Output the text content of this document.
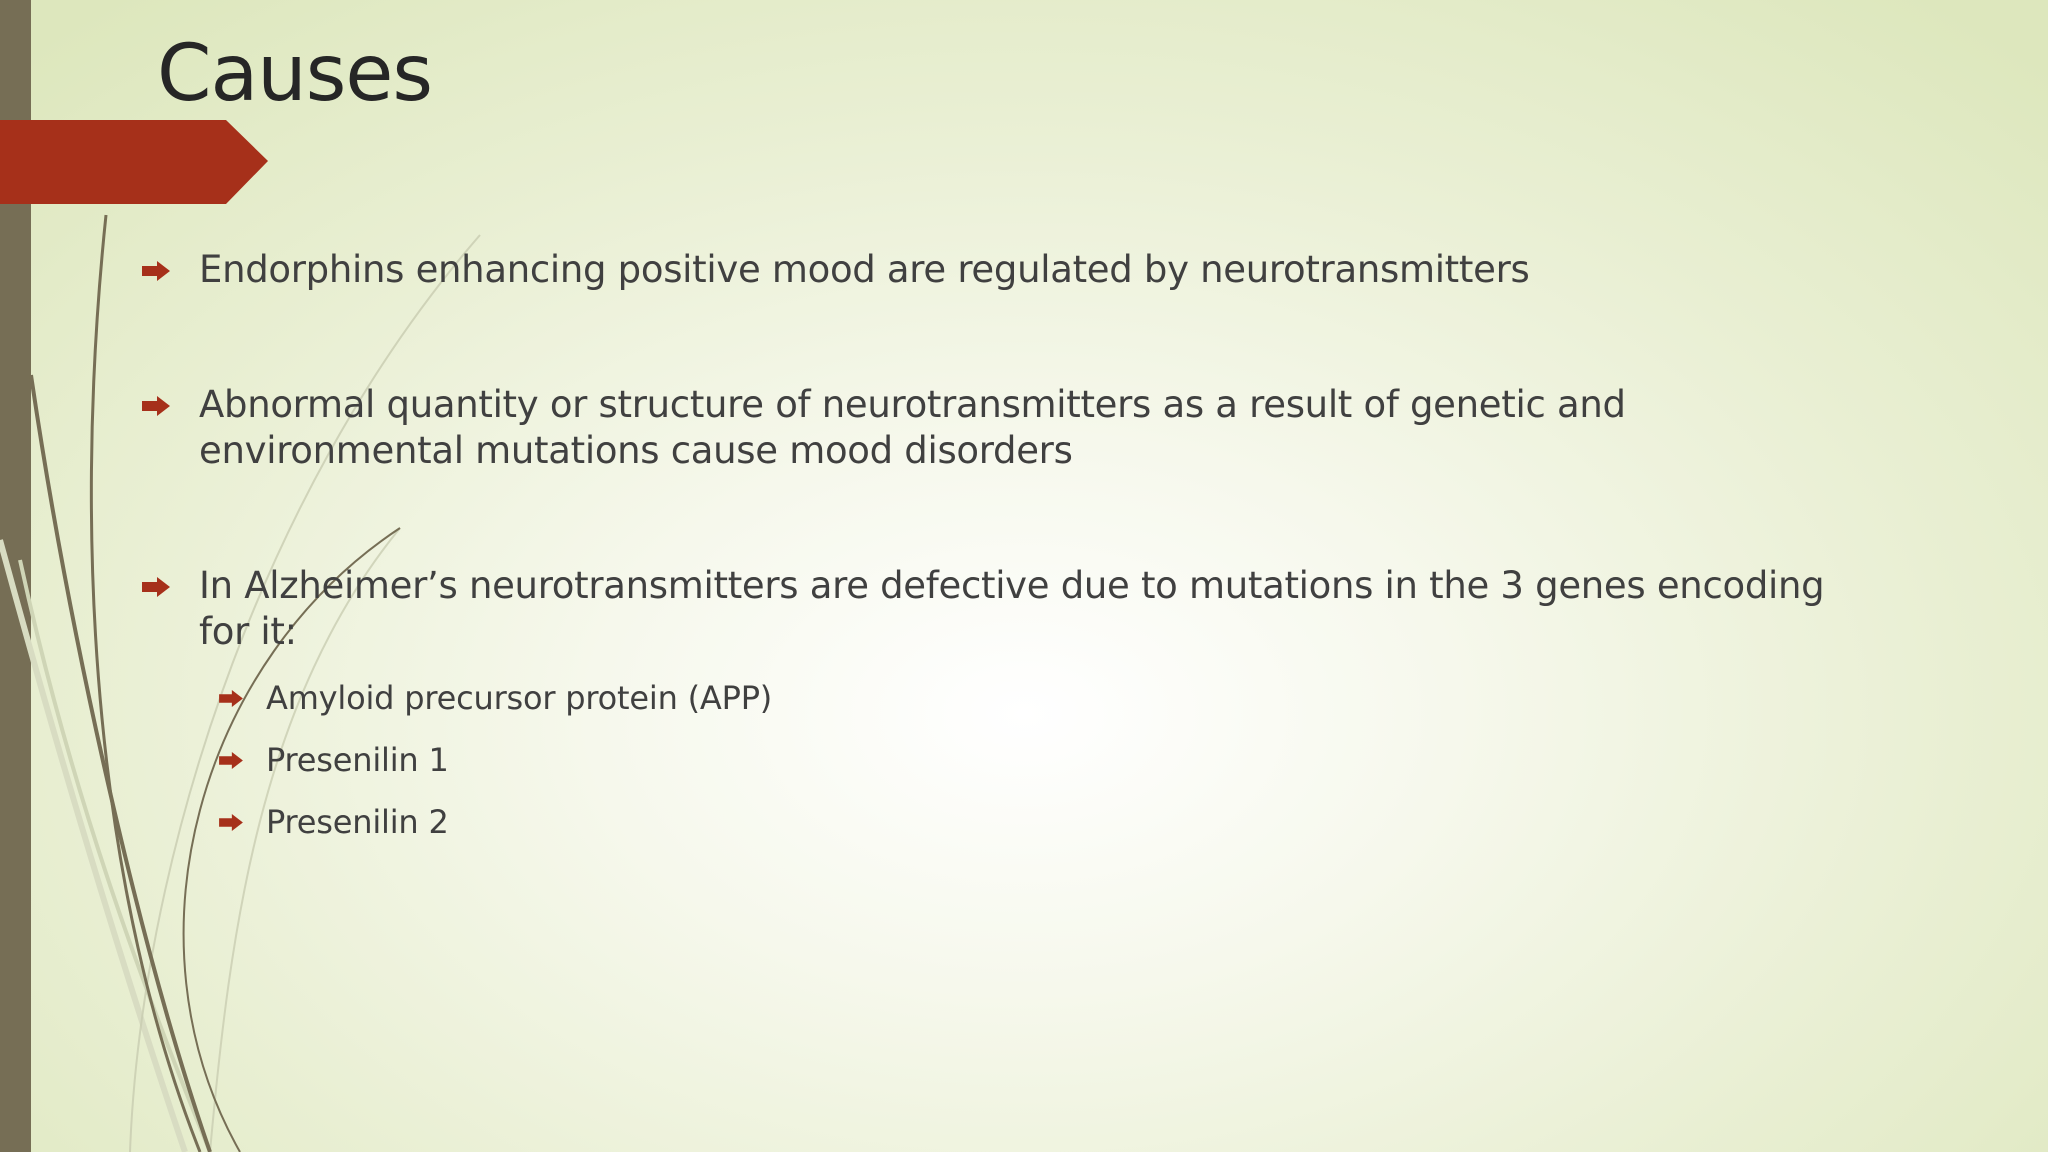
Causes
Endorphins enhancing positive mood are regulated by neurotransmitters
Abnormal quantity or structure of neurotransmitters as a result of genetic and
environmental mutations cause mood disorders
In Alzheimer’s neurotransmitters are defective due to mutations in the 3 genes encoding
for it:
Amyloid precursor protein (APP)
Presenilin 1
Presenilin 2
